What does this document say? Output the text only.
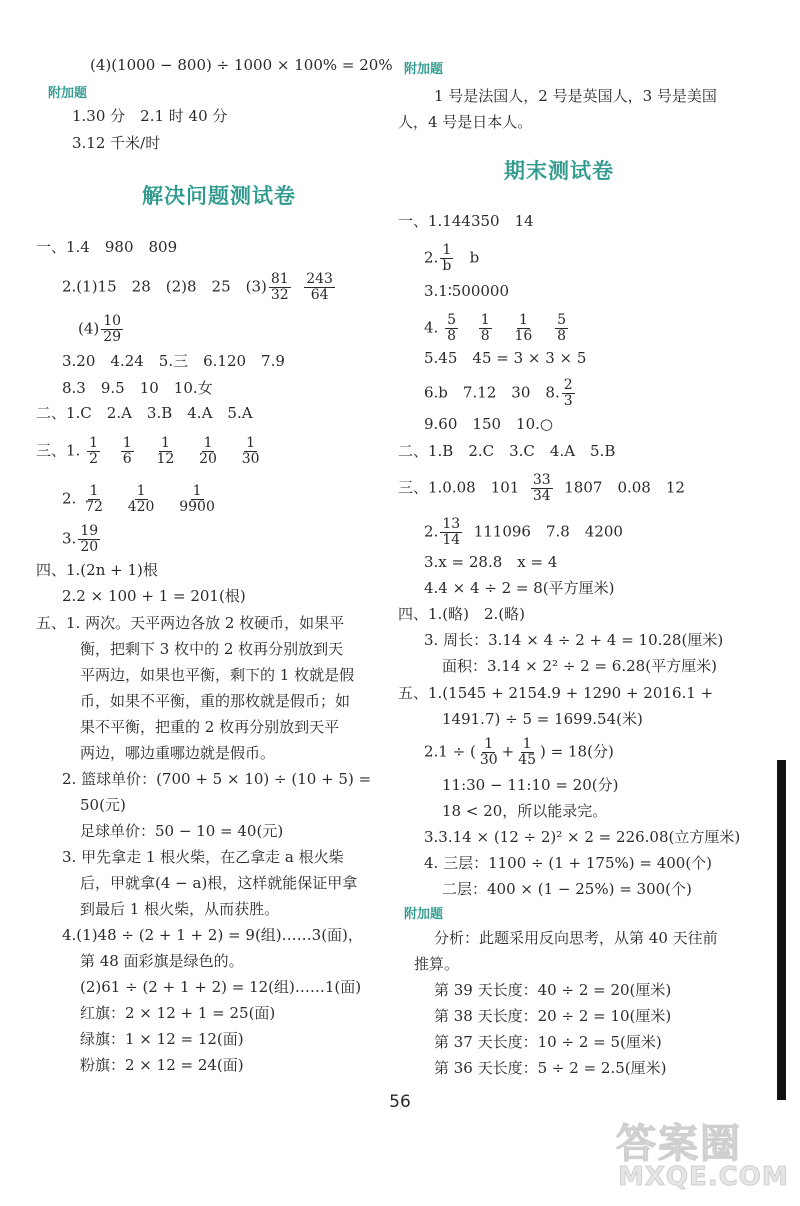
(4)(1000 − 800) ÷ 1000 × 100% = 20%
附加题
1.30 分　2.1 时 40 分
3.12 千米/时
解决问题测试卷
一、1.4　980　809
2.(1)15　28　(2)8　25　$(3) \frac{81}{32}$
$\frac{243}{64}$
$(4) \frac{10}{29}$
3.20　4.24　5.三　6.120　7.9
8.3　9.5　10　10.女
二、1.C　2.A　3.B　4.A　5.A
三、1. $\frac{1}{2}$
$\frac{1}{6}$
$\frac{1}{12}$
$\frac{1}{20}$
$\frac{1}{30}$
2. $\frac{1}{72}$
$\frac{1}{420}$
$\frac{1}{9900}$
3. $\frac{19}{20}$
四、1.(2n + 1)根
2.2 × 100 + 1 = 201(根)
五、1. 两次。天平两边各放 2 枚硬币，如果平
衡，把剩下 3 枚中的 2 枚再分别放到天
平两边，如果也平衡，剩下的 1 枚就是假
币，如果不平衡，重的那枚就是假币；如
果不平衡，把重的 2 枚再分别放到天平
两边，哪边重哪边就是假币。
2. 篮球单价：(700 + 5 × 10) ÷ (10 + 5) =
50(元)
足球单价：50 − 10 = 40(元)
3. 甲先拿走 1 根火柴，在乙拿走 a 根火柴
后，甲就拿(4 − a)根，这样就能保证甲拿
到最后 1 根火柴，从而获胜。
4.(1)48 ÷ (2 + 1 + 2) = 9(组)……3(面)，
第 48 面彩旗是绿色的。
(2)61 ÷ (2 + 1 + 2) = 12(组)……1(面)
红旗：2 × 12 + 1 = 25(面)
绿旗：1 × 12 = 12(面)
粉旗：2 × 12 = 24(面)
附加题
1 号是法国人，2 号是英国人，3 号是美国
人，4 号是日本人。
期末测试卷
一、1.144350　14
2. $\frac{1}{b}$ b
3.1∶500000
4. $\frac{5}{8}$
$\frac{1}{8}$
$\frac{1}{16}$
$\frac{5}{8}$
5.45　45 = 3 × 3 × 5
6.b　7.12　30　8. $\frac{2}{3}$
9.60　150　10.○
二、1.B　2.C　3.C　4.A　5.B
三、1.0.08　$101 \frac{33}{34} 1807$　0.08　12
2. $\frac{13}{14} 111096$　7.8　4200
3.x = 28.8　x = 4
4.4 × 4 ÷ 2 = 8(平方厘米)
四、1.(略)　2.(略)
3. 周长：3.14 × 4 ÷ 2 + 4 = 10.28(厘米)
面积：3.14 × 2² ÷ 2 = 6.28(平方厘米)
五、1.(1545 + 2154.9 + 1290 + 2016.1 +
1491.7) ÷ 5 = 1699.54(米)
2.1 ÷ ( $\frac{1}{30} + \frac{1}{45}$ ) = 18(分)
11:30 − 11:10 = 20(分)
18 < 20，所以能录完。
3.3.14 × (12 ÷ 2)² × 2 = 226.08(立方厘米)
4. 三层：1100 ÷ (1 + 175%) = 400(个)
二层：400 × (1 − 25%) = 300(个)
附加题
分析：此题采用反向思考，从第 40 天往前
推算。
第 39 天长度：40 ÷ 2 = 20(厘米)
第 38 天长度：20 ÷ 2 = 10(厘米)
第 37 天长度：10 ÷ 2 = 5(厘米)
第 36 天长度：5 ÷ 2 = 2.5(厘米)
56
答案圈
MXQE.COM
